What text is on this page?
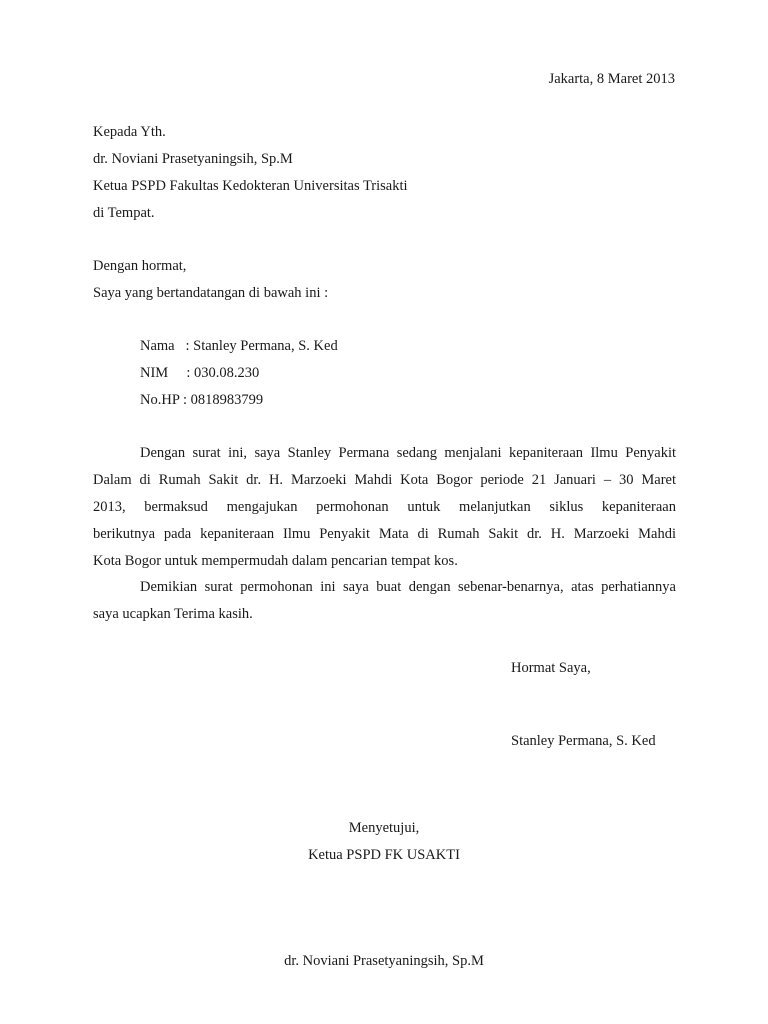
Jakarta, 8 Maret 2013
Kepada Yth.
dr. Noviani Prasetyaningsih, Sp.M
Ketua PSPD Fakultas Kedokteran Universitas Trisakti
di Tempat.
Dengan hormat,
Saya yang bertandatangan di bawah ini :
Nama   : Stanley Permana, S. Ked
NIM     : 030.08.230
No.HP : 0818983799
Dengan surat ini, saya Stanley Permana sedang menjalani kepaniteraan Ilmu Penyakit
Dalam di Rumah Sakit dr. H. Marzoeki Mahdi Kota Bogor periode 21 Januari – 30 Maret
2013, bermaksud mengajukan permohonan untuk melanjutkan siklus kepaniteraan
berikutnya pada kepaniteraan Ilmu Penyakit Mata di Rumah Sakit dr. H. Marzoeki Mahdi
Kota Bogor untuk mempermudah dalam pencarian tempat kos.
Demikian surat permohonan ini saya buat dengan sebenar-benarnya, atas perhatiannya
saya ucapkan Terima kasih.
Hormat Saya,
Stanley Permana, S. Ked
Menyetujui,
Ketua PSPD FK USAKTI
dr. Noviani Prasetyaningsih, Sp.M
